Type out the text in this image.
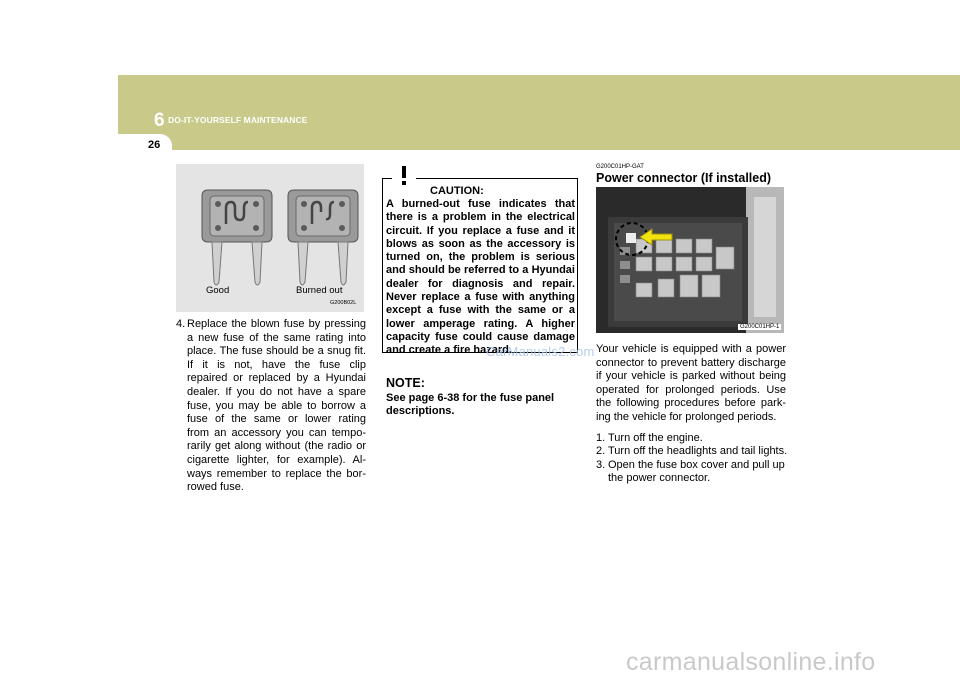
6 DO-IT-YOURSELF MAINTENANCE
26
Good	Burned out
G200B02L
4. Replace the blown fuse by pressing a new fuse of the same rating into place. The fuse should be a snug fit. If it is not, have the fuse clip repaired or replaced by a Hyundai dealer. If you do not have a spare fuse, you may be able to borrow a fuse of the same or lower rating from an accessory you can tempo-rarily get along without (the radio or cigarette lighter, for example). Al-ways remember to replace the bor-rowed fuse.
CAUTION:
A burned-out fuse indicates that there is a problem in the electrical circuit. If you replace a fuse and it blows as soon as the accessory is turned on, the problem is serious and should be referred to a Hyundai dealer for diagnosis and repair. Never replace a fuse with anything except a fuse with the same or a lower amperage rating. A higher capacity fuse could cause damage and create a fire hazard.
NOTE:
See page 6-38 for the fuse panel descriptions.
G200C01HP-GAT
Power connector (If installed)
G200C01HP-1
Your vehicle is equipped with a power connector to prevent battery discharge if your vehicle is parked without being operated for prolonged periods. Use the following procedures before park-ing the vehicle for prolonged periods.
1. Turn off the engine.
2. Turn off the headlights and tail lights.
3. Open the fuse box cover and pull up the power connector.
CarManuals2.com
carmanualsonline.info
